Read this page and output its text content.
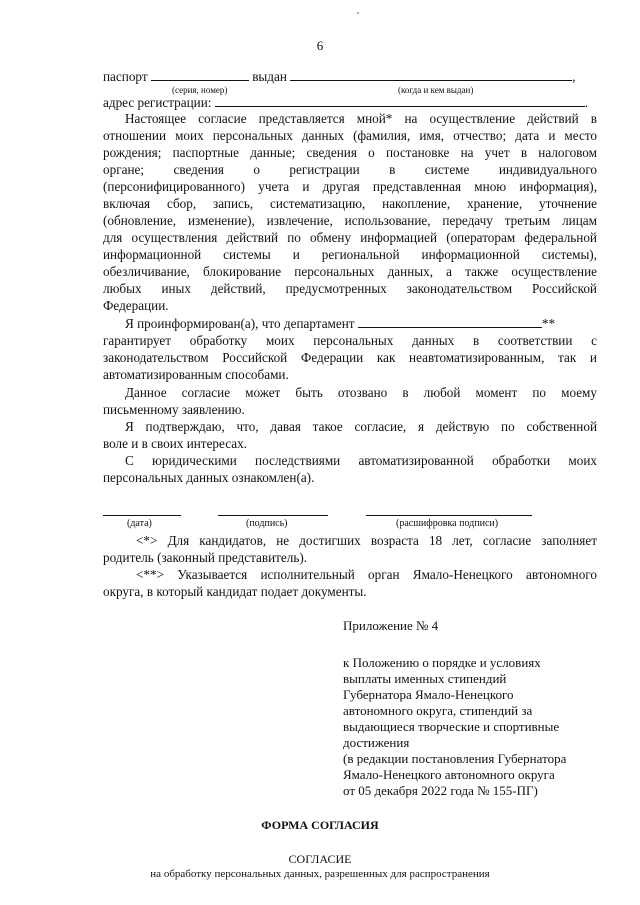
6
паспорт	выдан	,
(серия, номер)	(когда и кем выдан)
адрес регистрации:	.
Настоящее согласие представляется мной* на осуществление действий в
отношении моих персональных данных (фамилия, имя, отчество; дата и место
рождения; паспортные данные; сведения о постановке на учет в налоговом
органе; сведения о регистрации в системе индивидуального
(персонифицированного) учета и другая представленная мною информация),
включая сбор, запись, систематизацию, накопление, хранение, уточнение
(обновление, изменение), извлечение, использование, передачу третьим лицам
для осуществления действий по обмену информацией (операторам федеральной
информационной системы и региональной информационной системы),
обезличивание, блокирование персональных данных, а также осуществление
любых иных действий, предусмотренных законодательством Российской
Федерации.
Я проинформирован(а), что департамент	**
гарантирует обработку моих персональных данных в соответствии с
законодательством Российской Федерации как неавтоматизированным, так и
автоматизированным способами.
Данное согласие может быть отозвано в любой момент по моему
письменному заявлению.
Я подтверждаю, что, давая такое согласие, я действую по собственной
воле и в своих интересах.
С юридическими последствиями автоматизированной обработки моих
персональных данных ознакомлен(а).
(дата)	(подпись)	(расшифровка подписи)
<*> Для кандидатов, не достигших возраста 18 лет, согласие заполняет
родитель (законный представитель).
<**> Указывается исполнительный орган Ямало-Ненецкого автономного
округа, в который кандидат подает документы.
Приложение № 4
к Положению о порядке и условиях
выплаты именных стипендий
Губернатора Ямало-Ненецкого
автономного округа, стипендий за
выдающиеся творческие и спортивные
достижения
(в редакции постановления Губернатора
Ямало-Ненецкого автономного округа
от 05 декабря 2022 года № 155-ПГ)
ФОРМА СОГЛАСИЯ
СОГЛАСИЕ
на обработку персональных данных, разрешенных для распространения
